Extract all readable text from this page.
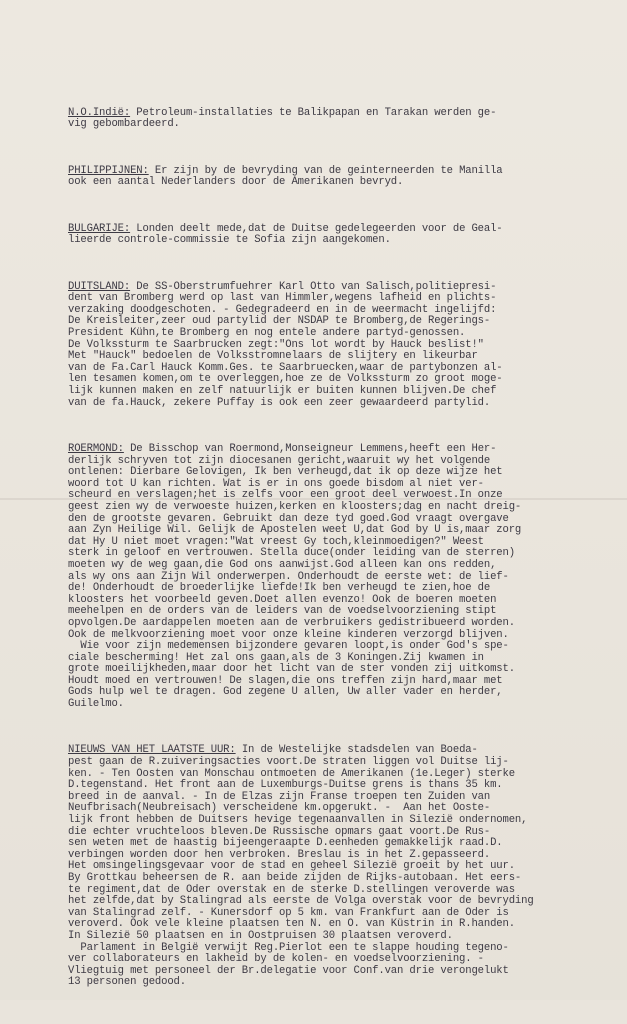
N.O.Indië: Petroleum-installaties te Balikpapan en Tarakan werden ge-
vig gebombardeerd.

PHILIPPIJNEN: Er zijn by de bevryding van de geinterneerden te Manilla
ook een aantal Nederlanders door de Amerikanen bevryd.

BULGARIJE: Londen deelt mede,dat de Duitse gedelegeerden voor de Geal-
lieerde controle-commissie te Sofia zijn aangekomen.

DUITSLAND: De SS-Oberstrumfuehrer Karl Otto van Salisch,politiepresi-
dent van Bromberg werd op last van Himmler,wegens lafheid en plichts-
verzaking doodgeschoten. - Gedegradeerd en in de weermacht ingelijfd:
De Kreisleiter,zeer oud partylid der NSDAP te Bromberg,de Regerings-
President Kühn,te Bromberg en nog entele andere partyd-genossen.
De Volkssturm te Saarbrucken zegt:"Ons lot wordt by Hauck beslist!"
Met "Hauck" bedoelen de Volksstromnelaars de slijtery en likeurbar
van de Fa.Carl Hauck Komm.Ges. te Saarbruecken,waar de partybonzen al-
len tesamen komen,om te overleggen,hoe ze de Volkssturm zo groot moge-
lijk kunnen maken en zelf natuurlijk er buiten kunnen blijven.De chef
van de fa.Hauck, zekere Puffay is ook een zeer gewaardeerd partylid.

ROERMOND: De Bisschop van Roermond,Monseigneur Lemmens,heeft een Her-
derlijk schryven tot zijn diocesanen gericht,waaruit wy het volgende
ontlenen: Dierbare Gelovigen, Ik ben verheugd,dat ik op deze wijze het
woord tot U kan richten. Wat is er in ons goede bisdom al niet ver-
scheurd en verslagen;het is zelfs voor een groot deel verwoest.In onze
geest zien wy de verwoeste huizen,kerken en kloosters;dag en nacht dreig-
den de grootste gevaren. Gebruikt dan deze tyd goed.God vraagt overgave
aan Zyn Heilige Wil. Gelijk de Apostelen weet U,dat God by U is,maar zorg
dat Hy U niet moet vragen:"Wat vreest Gy toch,kleinmoedigen?" Weest
sterk in geloof en vertrouwen. Stella duce(onder leiding van de sterren)
moeten wy de weg gaan,die God ons aanwijst.God alleen kan ons redden,
als wy ons aan Zijn Wil onderwerpen. Onderhoudt de eerste wet: de lief-
de! Onderhoudt de broederlijke liefde!Ik ben verheugd te zien,hoe de
kloosters het voorbeeld geven.Doet allen evenzo! Ook de boeren moeten
meehelpen en de orders van de leiders van de voedselvoorziening stipt
opvolgen.De aardappelen moeten aan de verbruikers gedistribueerd worden.
Ook de melkvoorziening moet voor onze kleine kinderen verzorgd blijven.
Wie voor zijn medemensen bijzondere gevaren loopt,is onder God's spe-
ciale bescherming! Het zal ons gaan,als de 3 Koningen.Zij kwamen in
grote moeilijkheden,maar door het licht van de ster vonden zij uitkomst.
Houdt moed en vertrouwen! De slagen,die ons treffen zijn hard,maar met
Gods hulp wel te dragen. God zegene U allen, Uw aller vader en herder,
Guilelmo.

NIEUWS VAN HET LAATSTE UUR: In de Westelijke stadsdelen van Boeda-
pest gaan de R.zuiveringsacties voort.De straten liggen vol Duitse lij-
ken. - Ten Oosten van Monschau ontmoeten de Amerikanen (1e.Leger) sterke
D.tegenstand. Het front aan de Luxemburgs-Duitse grens is thans 35 km.
breed in de aanval. - In de Elzas zijn Franse troepen ten Zuiden van
Neufbrisach(Neubreisach) verscheidene km.opgerukt. -  Aan het Ooste-
lijk front hebben de Duitsers hevige tegenaanvallen in Silezië ondernomen,
die echter vruchteloos bleven.De Russische opmars gaat voort.De Rus-
sen weten met de haastig bijeengeraapte D.eenheden gemakkelijk raad.D.
verbingen worden door hen verbroken. Breslau is in het Z.gepasseerd.
Het omsingelingsgevaar voor de stad en geheel Silezië groeit by het uur.
By Grottkau beheersen de R. aan beide zijden de Rijks-autobaan. Het eers-
te regiment,dat de Oder overstak en de sterke D.stellingen veroverde was
het zelfde,dat by Stalingrad als eerste de Volga overstak voor de bevryding
van Stalingrad zelf. - Kunersdorf op 5 km. van Frankfurt aan de Oder is
veroverd. Ook vele kleine plaatsen ten N. en O. van Küstrin in R.handen.
In Silezië 50 plaatsen en in Oostpruisen 30 plaatsen veroverd.
Parlament in België verwijt Reg.Pierlot een te slappe houding tegeno-
ver collaborateurs en lakheid by de kolen- en voedselvoorziening. -
Vliegtuig met personeel der Br.delegatie voor Conf.van drie verongelukt
13 personen gedood.
